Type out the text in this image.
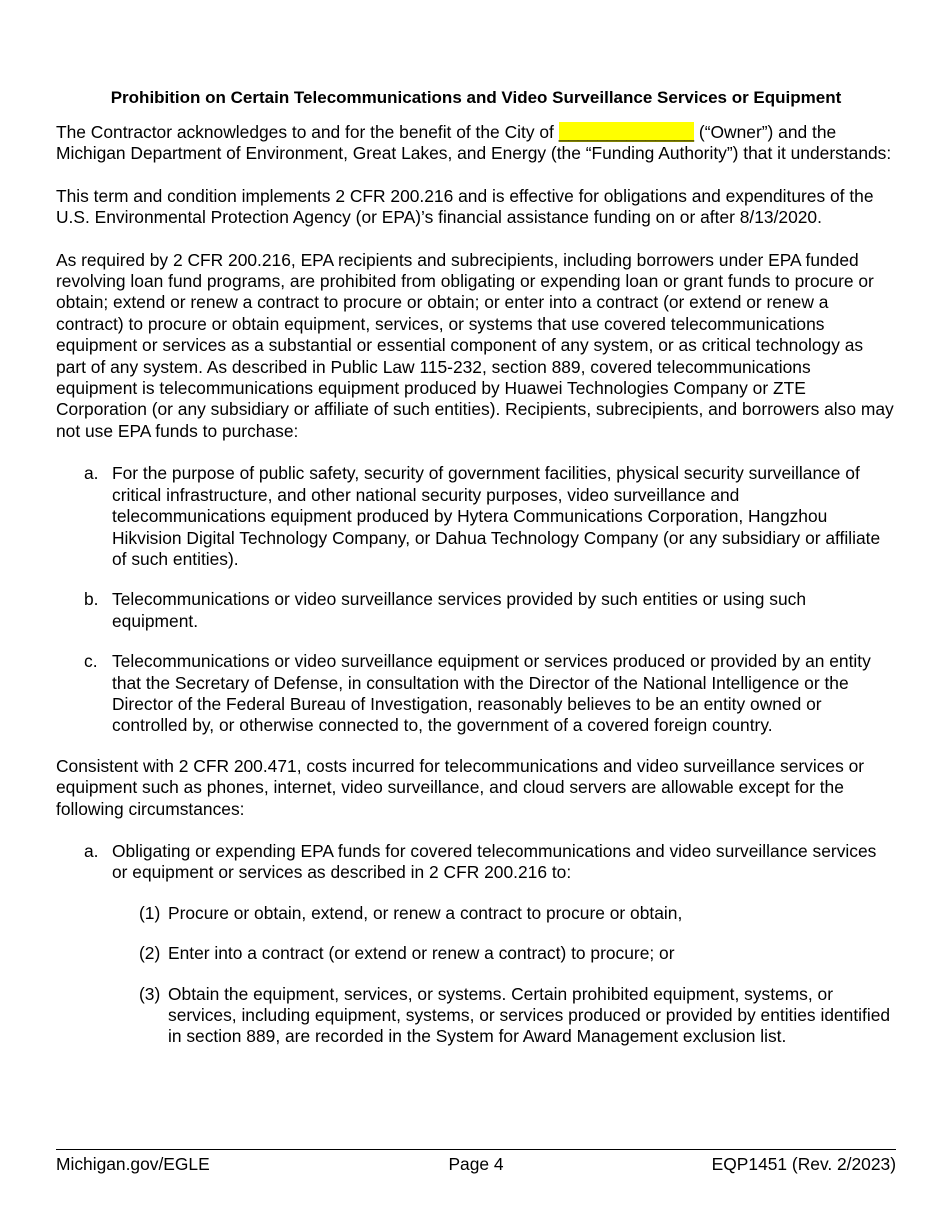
Prohibition on Certain Telecommunications and Video Surveillance Services or Equipment

The Contractor acknowledges to and for the benefit of the City of ______________ (“Owner”) and the Michigan Department of Environment, Great Lakes, and Energy (the “Funding Authority”) that it understands:

This term and condition implements 2 CFR 200.216 and is effective for obligations and expenditures of the U.S. Environmental Protection Agency (or EPA)’s financial assistance funding on or after 8/13/2020.

As required by 2 CFR 200.216, EPA recipients and subrecipients, including borrowers under EPA funded revolving loan fund programs, are prohibited from obligating or expending loan or grant funds to procure or obtain; extend or renew a contract to procure or obtain; or enter into a contract (or extend or renew a contract) to procure or obtain equipment, services, or systems that use covered telecommunications equipment or services as a substantial or essential component of any system, or as critical technology as part of any system. As described in Public Law 115-232, section 889, covered telecommunications equipment is telecommunications equipment produced by Huawei Technologies Company or ZTE Corporation (or any subsidiary or affiliate of such entities). Recipients, subrecipients, and borrowers also may not use EPA funds to purchase:

a. For the purpose of public safety, security of government facilities, physical security surveillance of critical infrastructure, and other national security purposes, video surveillance and telecommunications equipment produced by Hytera Communications Corporation, Hangzhou Hikvision Digital Technology Company, or Dahua Technology Company (or any subsidiary or affiliate of such entities).
b. Telecommunications or video surveillance services provided by such entities or using such equipment.
c. Telecommunications or video surveillance equipment or services produced or provided by an entity that the Secretary of Defense, in consultation with the Director of the National Intelligence or the Director of the Federal Bureau of Investigation, reasonably believes to be an entity owned or controlled by, or otherwise connected to, the government of a covered foreign country.

Consistent with 2 CFR 200.471, costs incurred for telecommunications and video surveillance services or equipment such as phones, internet, video surveillance, and cloud servers are allowable except for the following circumstances:

a. Obligating or expending EPA funds for covered telecommunications and video surveillance services or equipment or services as described in 2 CFR 200.216 to:
(1) Procure or obtain, extend, or renew a contract to procure or obtain,
(2) Enter into a contract (or extend or renew a contract) to procure; or
(3) Obtain the equipment, services, or systems. Certain prohibited equipment, systems, or services, including equipment, systems, or services produced or provided by entities identified in section 889, are recorded in the System for Award Management exclusion list.
Michigan.gov/EGLE	Page 4	EQP1451 (Rev. 2/2023)
